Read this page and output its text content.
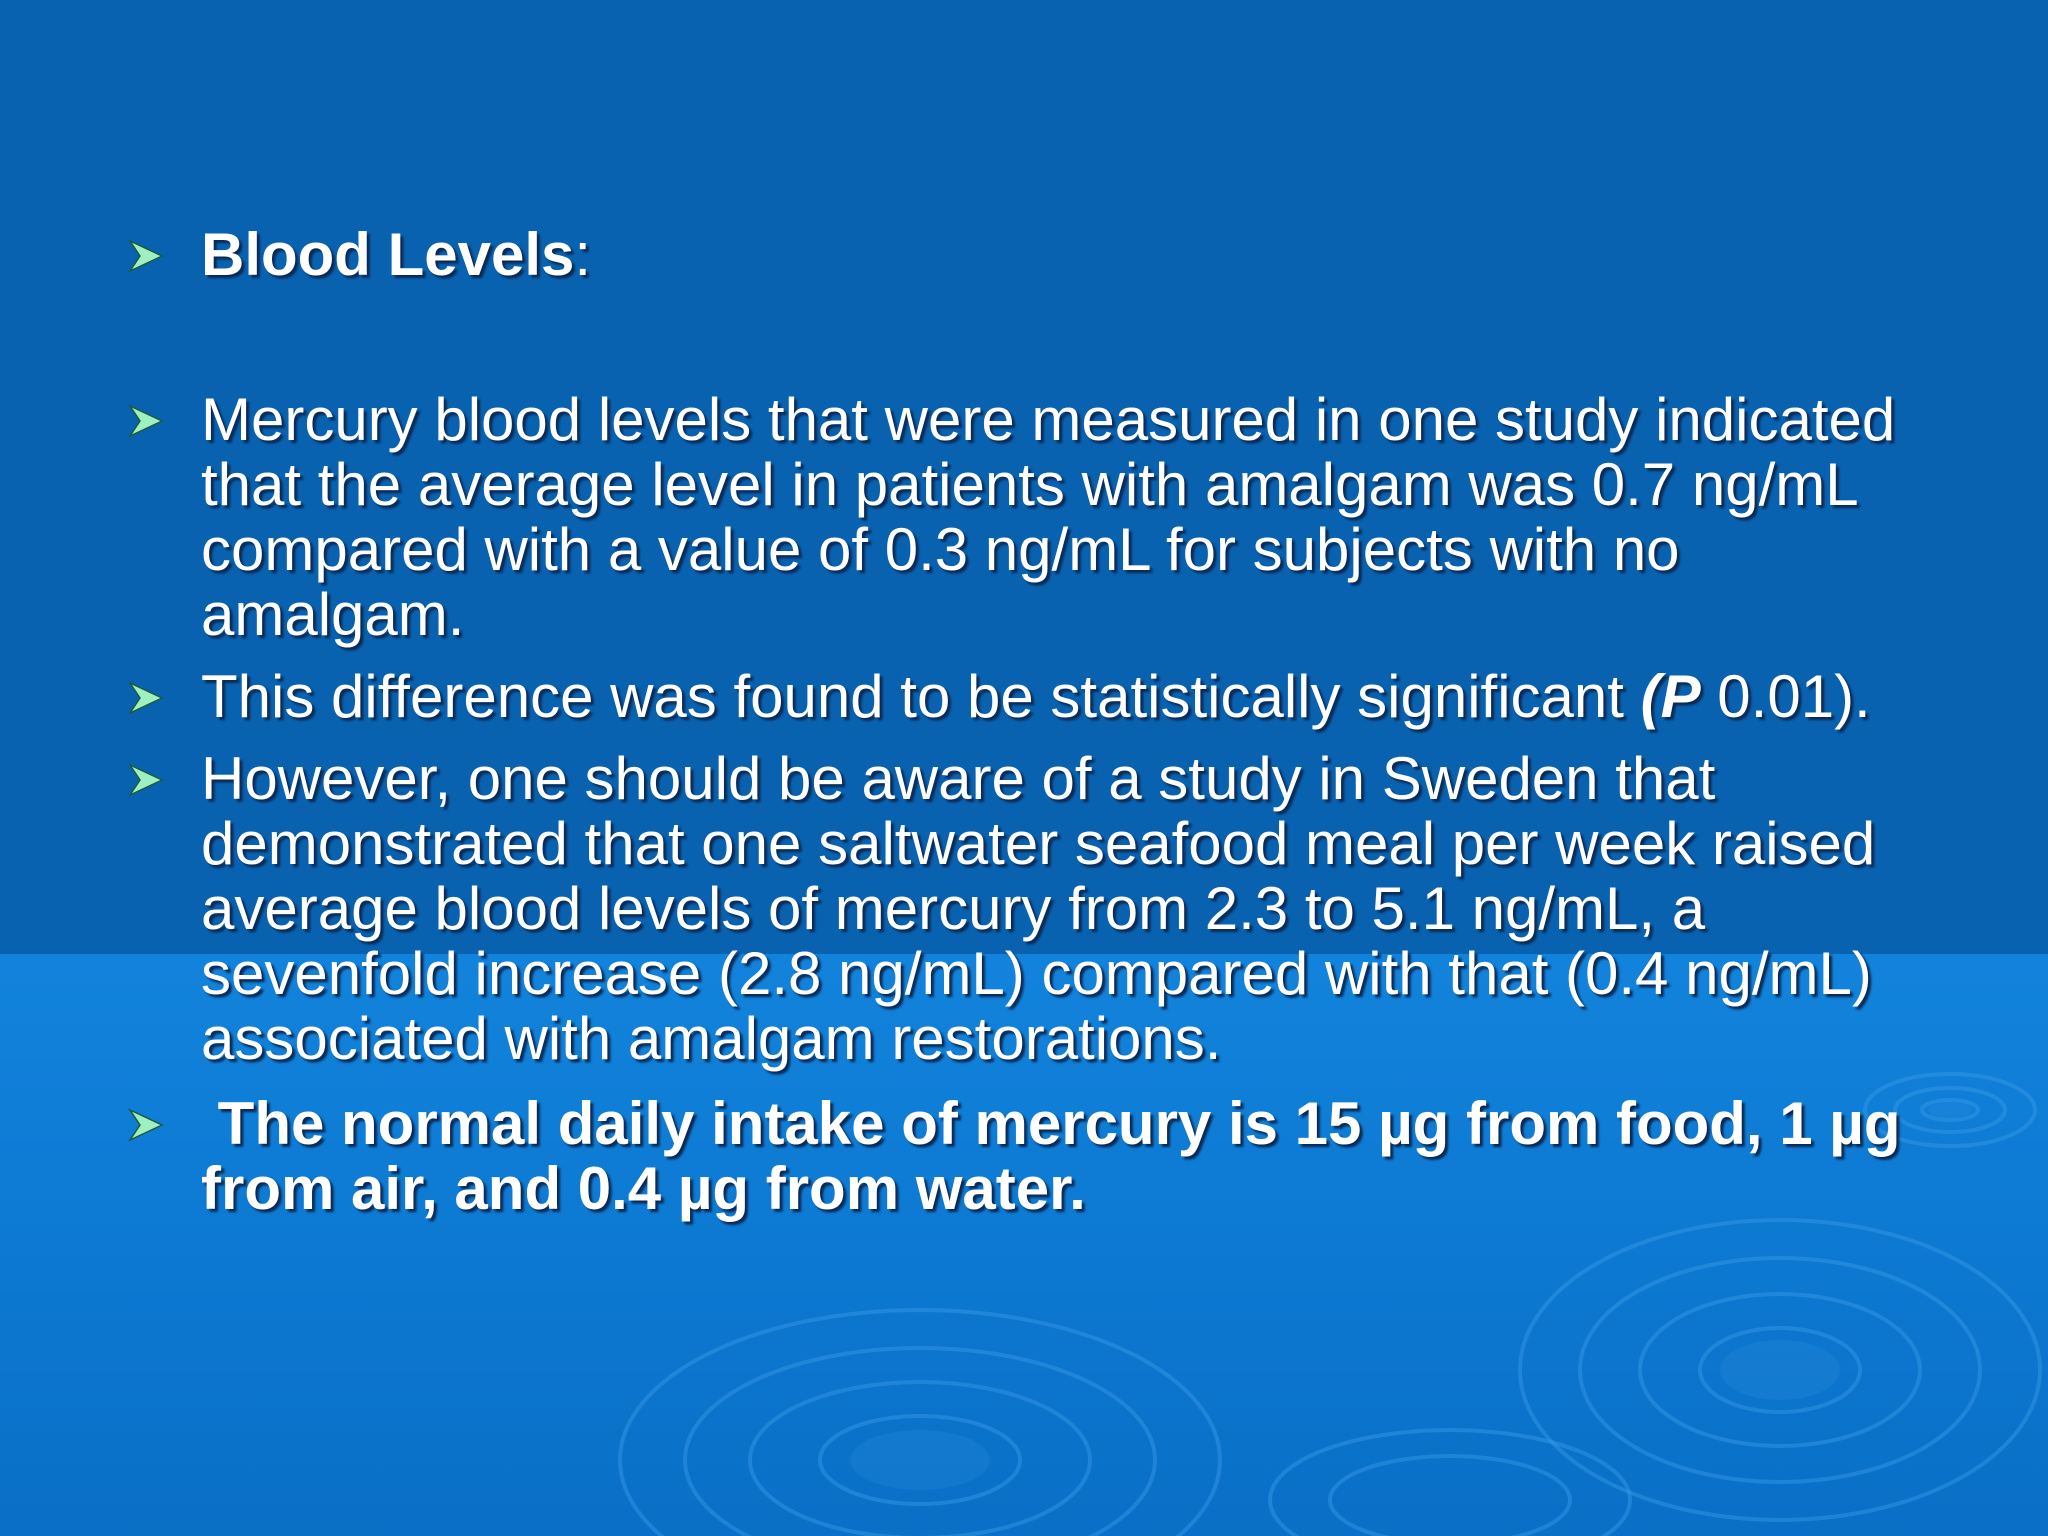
Blood Levels:
Mercury blood levels that were measured in one study indicated that the average level in patients with amalgam was 0.7 ng/mL compared with a value of 0.3 ng/mL for subjects with no amalgam.
This difference was found to be statistically significant (P 0.01).
However, one should be aware of a study in Sweden that demonstrated that one saltwater seafood meal per week raised average blood levels of mercury from 2.3 to 5.1 ng/mL, a sevenfold increase (2.8 ng/mL) compared with that (0.4 ng/mL) associated with amalgam restorations.
The normal daily intake of mercury is 15 µg from food, 1 µg from air, and 0.4 µg from water.
